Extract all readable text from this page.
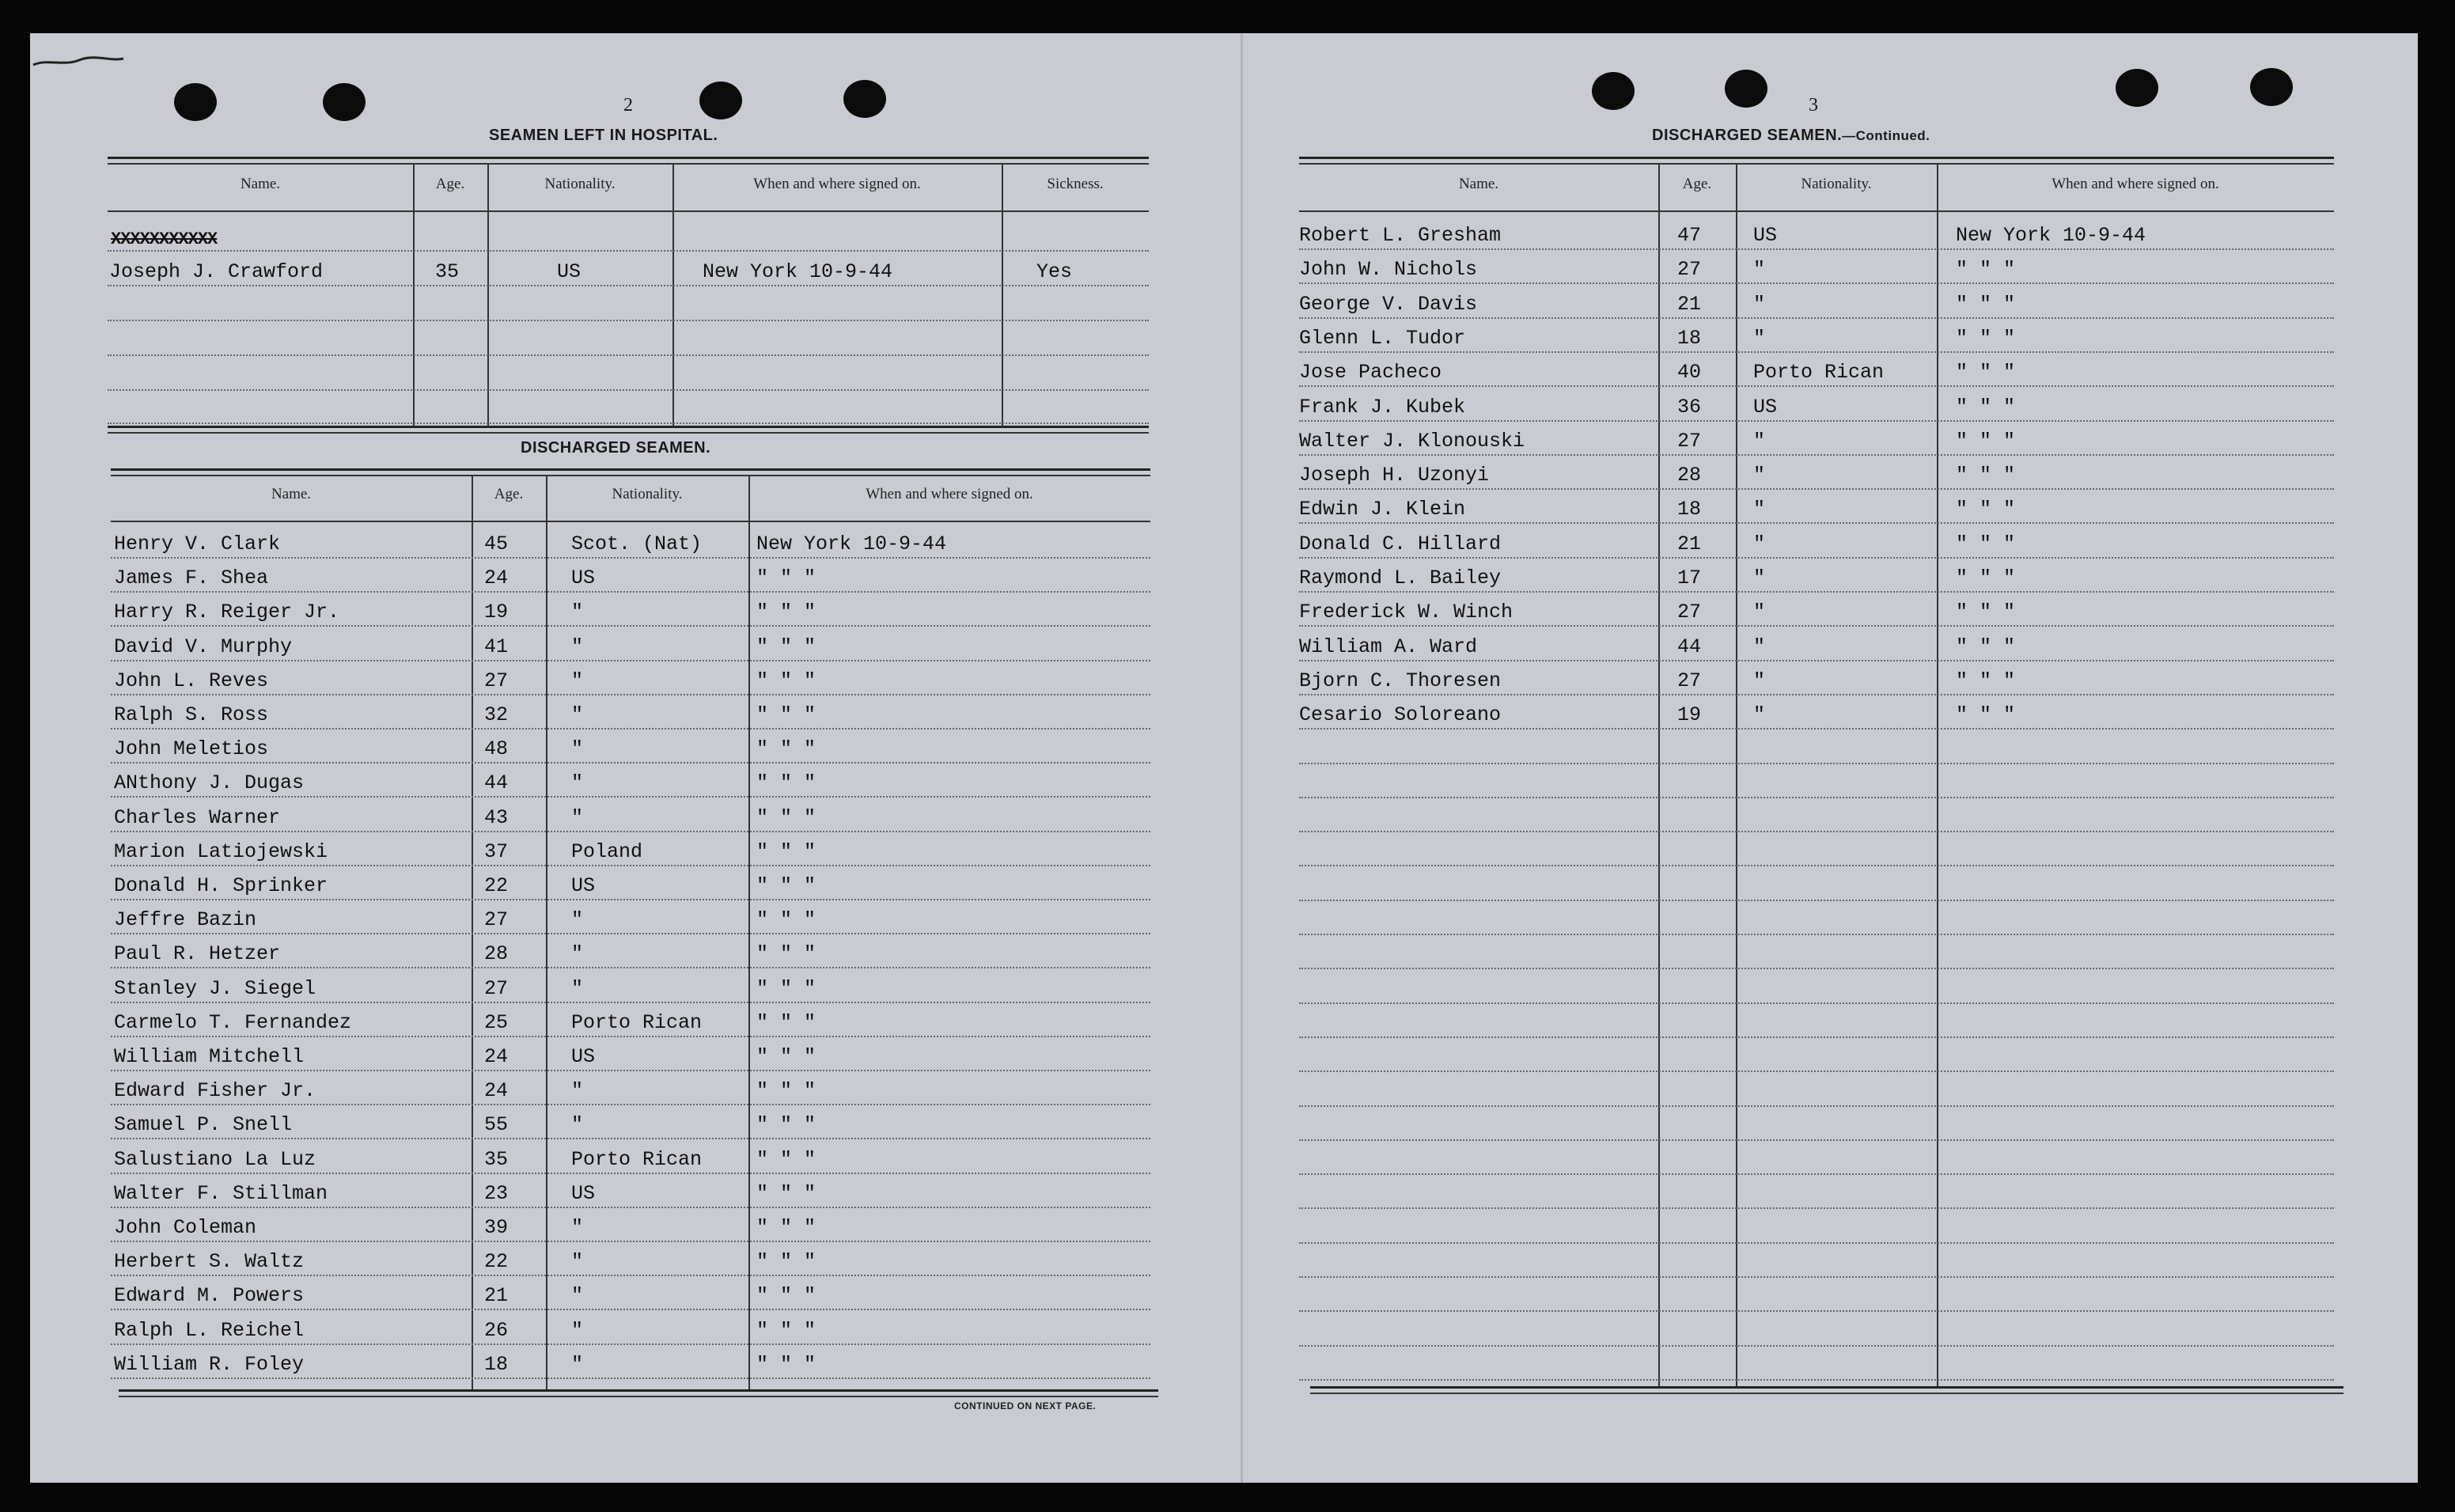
2
SEAMEN LEFT IN HOSPITAL.
Name.	Age.	Nationality.	When and where signed on.	Sickness.
Joseph J. Crawford	35	US	New York 10-9-44	Yes
XXXXXXXXXXX
DISCHARGED SEAMEN.
Name.	Age.	Nationality.	When and where signed on.
Henry V. Clark	45	Scot. (Nat)	New York 10-9-44
James F. Shea	24	US	" " "
Harry R. Reiger Jr.	19	"	" " "
David V. Murphy	41	"	" " "
John L. Reves	27	"	" " "
Ralph S. Ross	32	"	" " "
John Meletios	48	"	" " "
ANthony J. Dugas	44	"	" " "
Charles Warner	43	"	" " "
Marion Latiojewski	37	Poland	" " "
Donald H. Sprinker	22	US	" " "
Jeffre Bazin	27	"	" " "
Paul R. Hetzer	28	"	" " "
Stanley J. Siegel	27	"	" " "
Carmelo T. Fernandez	25	Porto Rican	" " "
William Mitchell	24	US	" " "
Edward Fisher Jr.	24	"	" " "
Samuel P. Snell	55	"	" " "
Salustiano La Luz	35	Porto Rican	" " "
Walter F. Stillman	23	US	" " "
John Coleman	39	"	" " "
Herbert S. Waltz	22	"	" " "
Edward M. Powers	21	"	" " "
Ralph L. Reichel	26	"	" " "
William R. Foley	18	"	" " "
CONTINUED ON NEXT PAGE.
3
DISCHARGED SEAMEN.—Continued.
Name.	Age.	Nationality.	When and where signed on.
Robert L. Gresham	47	US	New York 10-9-44
John W. Nichols	27	"	" " "
George V. Davis	21	"	" " "
Glenn L. Tudor	18	"	" " "
Jose Pacheco	40	Porto Rican	" " "
Frank J. Kubek	36	US	" " "
Walter J. Klonouski	27	"	" " "
Joseph H. Uzonyi	28	"	" " "
Edwin J. Klein	18	"	" " "
Donald C. Hillard	21	"	" " "
Raymond L. Bailey	17	"	" " "
Frederick W. Winch	27	"	" " "
William A. Ward	44	"	" " "
Bjorn C. Thoresen	27	"	" " "
Cesario Soloreano	19	"	" " "
